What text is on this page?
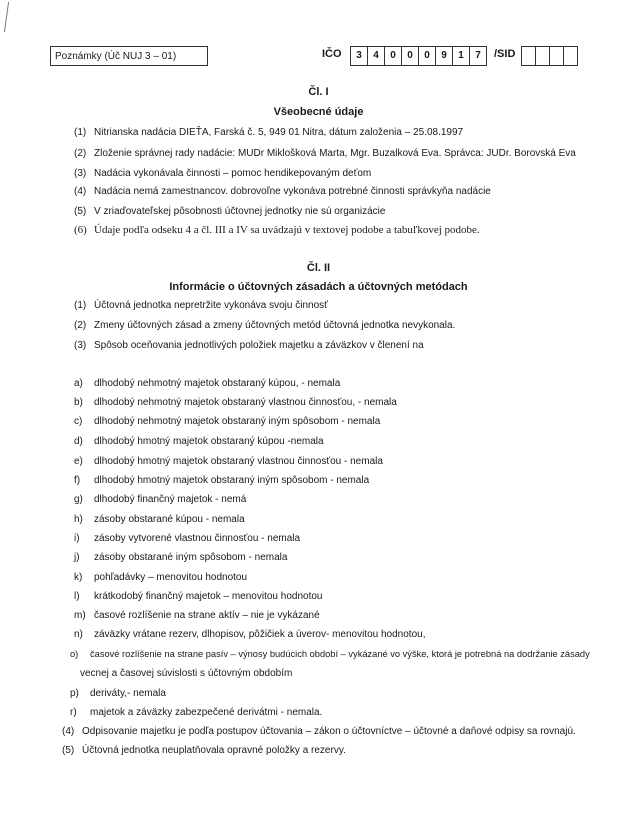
Poznámky (Úč NUJ 3 – 01)	IČO	3	4	0	0	0	9	1	7	/SID
Čl. I
Všeobecné údaje
(1) Nitrianska nadácia DIEŤA, Farská č. 5, 949 01 Nitra, dátum založenia – 25.08.1997
(2) Zloženie správnej rady nadácie: MUDr Miklošková Marta, Mgr. Buzalková Eva. Správca: JUDr. Borovská Eva
(3) Nadácia vykonávala činnosti – pomoc hendikepovaným deťom
(4) Nadácia nemá zamestnancov. dobrovoľne vykonáva potrebné činnosti správkyňa nadácie
(5) V zriaďovateľskej pôsobnosti účtovnej jednotky nie sú organizácie
(6) Údaje podľa odseku 4 a čl. III a IV sa uvádzajú v textovej podobe a tabuľkovej podobe.
Čl. II
Informácie o účtovných zásadách a účtovných metódach
(1) Účtovná jednotka nepretržite vykonáva svoju činnosť
(2) Zmeny účtovných zásad a zmeny účtovných metód účtovná jednotka nevykonala.
(3) Spôsob oceňovania jednotlivých položiek majetku a záväzkov v členení na
a) dlhodobý nehmotný majetok obstaraný kúpou, - nemala
b) dlhodobý nehmotný majetok obstaraný vlastnou činnosťou, - nemala
c) dlhodobý nehmotný majetok obstaraný iným spôsobom - nemala
d) dlhodobý hmotný majetok obstaraný kúpou -nemala
e) dlhodobý hmotný majetok obstaraný vlastnou činnosťou - nemala
f) dlhodobý hmotný majetok obstaraný iným spôsobom - nemala
g) dlhodobý finančný majetok - nemá
h) zásoby obstarané kúpou - nemala
i) zásoby vytvorené vlastnou činnosťou - nemala
j) zásoby obstarané iným spôsobom - nemala
k) pohľadávky – menovitou hodnotou
l) krátkodobý finančný majetok – menovitou hodnotou
m) časové rozlíšenie na strane aktív – nie je vykázané
n) záväzky vrátane rezerv, dlhopisov, pôžičiek a úverov- menovitou hodnotou,
o) časové rozlíšenie na strane pasív – výnosy budúcich období – vykázané vo výške, ktorá je potrebná na dodržanie zásady
vecnej a časovej súvislosti s účtovným obdobím
p) deriváty,- nemala
r) majetok a záväzky zabezpečené derivátmi - nemala.
(4) Odpisovanie majetku je podľa postupov účtovania – zákon o účtovníctve – účtovné a daňové odpisy sa rovnajú.
(5) Účtovná jednotka neuplatňovala opravné položky a rezervy.
